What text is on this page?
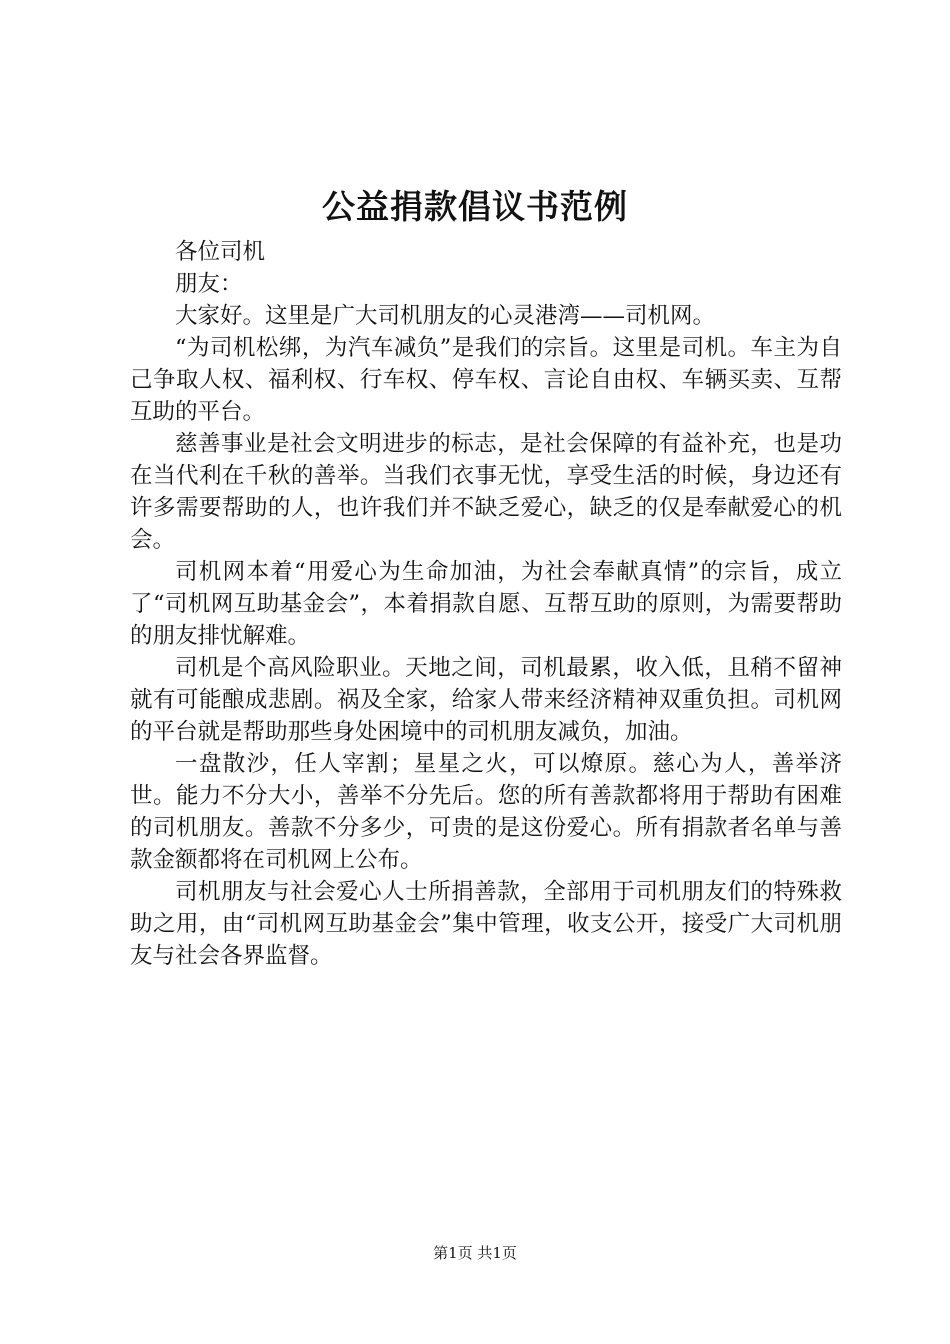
公益捐款倡议书范例

各位司机

朋友：

大家好。这里是广大司机朋友的心灵港湾——司机网。

“为司机松绑，为汽车减负”是我们的宗旨。这里是司机。车主为自己争取人权、福利权、行车权、停车权、言论自由权、车辆买卖、互帮互助的平台。

慈善事业是社会文明进步的标志，是社会保障的有益补充，也是功在当代利在千秋的善举。当我们衣事无忧，享受生活的时候，身边还有许多需要帮助的人，也许我们并不缺乏爱心，缺乏的仅是奉献爱心的机会。

司机网本着“用爱心为生命加油，为社会奉献真情”的宗旨，成立了“司机网互助基金会”，本着捐款自愿、互帮互助的原则，为需要帮助的朋友排忧解难。

司机是个高风险职业。天地之间，司机最累，收入低，且稍不留神就有可能酿成悲剧。祸及全家，给家人带来经济精神双重负担。司机网的平台就是帮助那些身处困境中的司机朋友减负，加油。

一盘散沙，任人宰割；星星之火，可以燎原。慈心为人，善举济世。能力不分大小，善举不分先后。您的所有善款都将用于帮助有困难的司机朋友。善款不分多少，可贵的是这份爱心。所有捐款者名单与善款金额都将在司机网上公布。

司机朋友与社会爱心人士所捐善款，全部用于司机朋友们的特殊救助之用，由“司机网互助基金会”集中管理，收支公开，接受广大司机朋友与社会各界监督。

第1页 共1页
